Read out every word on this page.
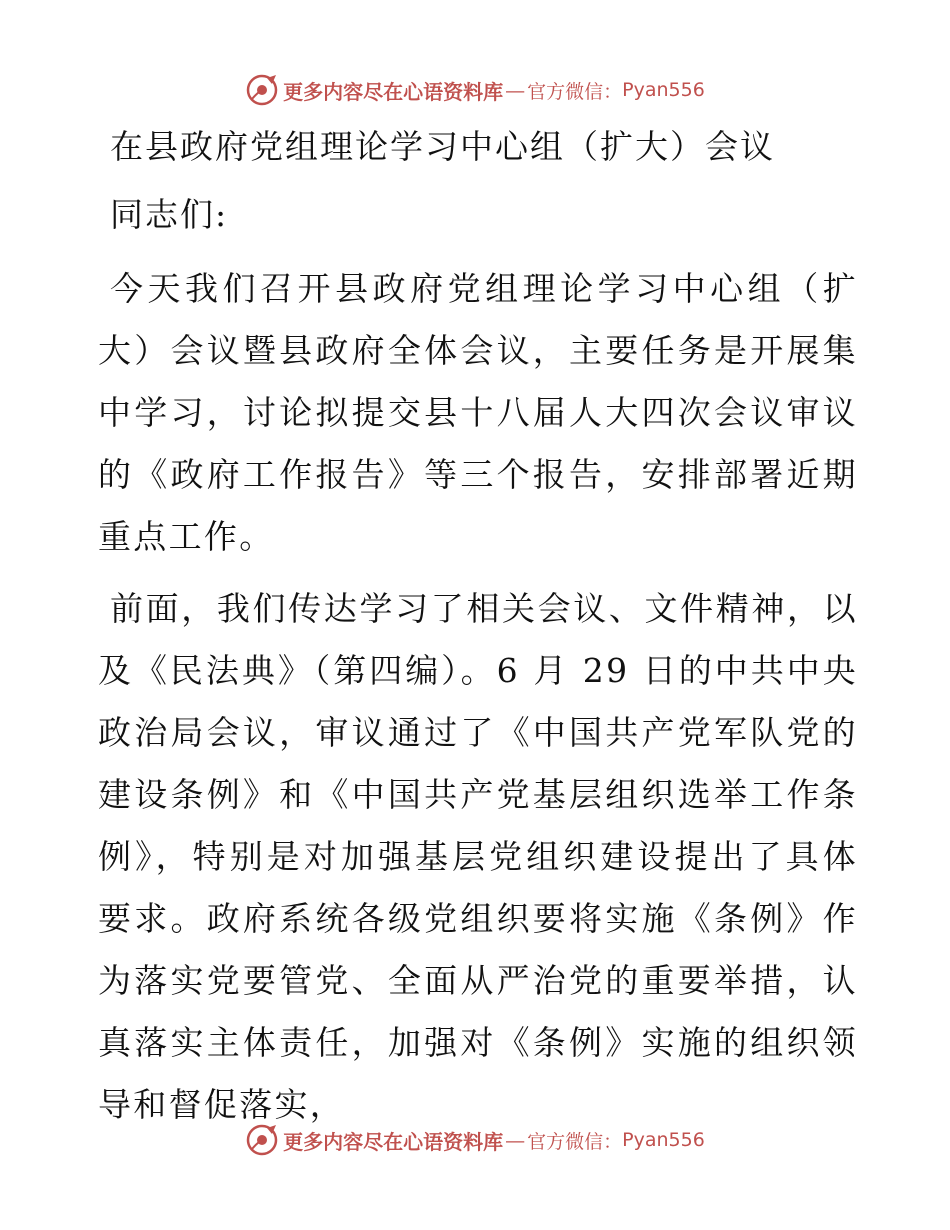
更多内容尽在心语资料库 — 官方微信： Pyan556
在县政府党组理论学习中心组（扩大）会议
同志们:

今天我们召开县政府党组理论学习中心组（扩大）会议暨县政府全体会议，主要任务是开展集中学习，讨论拟提交县十八届人大四次会议审议的《政府工作报告》等三个报告，安排部署近期重点工作。

前面，我们传达学习了相关会议、文件精神，以及《民法典》（第四编）。6 月 29 日的中共中央政治局会议，审议通过了《中国共产党军队党的建设条例》和《中国共产党基层组织选举工作条例》，特别是对加强基层党组织建设提出了具体要求。政府系统各级党组织要将实施《条例》作为落实党要管党、全面从严治党的重要举措，认真落实主体责任，加强对《条例》实施的组织领导和督促落实，

更多内容尽在心语资料库 — 官方微信： Pyan556
